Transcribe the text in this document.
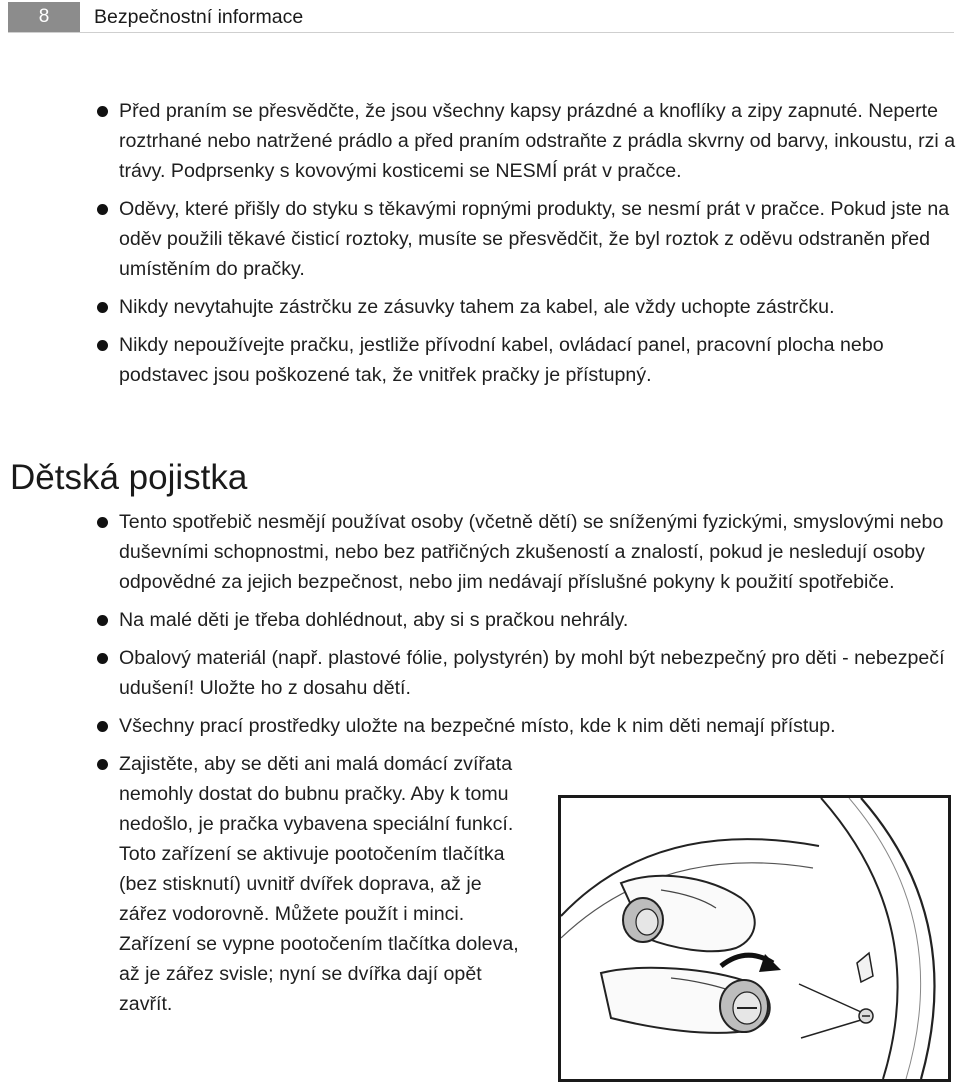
8	Bezpečnostní informace
Před praním se přesvědčte, že jsou všechny kapsy prázdné a knoflíky a zipy zapnuté. Neperte roztrhané nebo natržené prádlo a před praním odstraňte z prádla skvrny od barvy, inkoustu, rzi a trávy. Podprsenky s kovovými kosticemi se NESMÍ prát v pračce.
Oděvy, které přišly do styku s těkavými ropnými produkty, se nesmí prát v pračce. Pokud jste na oděv použili těkavé čisticí roztoky, musíte se přesvědčit, že byl roztok z oděvu odstraněn před umístěním do pračky.
Nikdy nevytahujte zástrčku ze zásuvky tahem za kabel, ale vždy uchopte zástrčku.
Nikdy nepoužívejte pračku, jestliže přívodní kabel, ovládací panel, pracovní plocha nebo podstavec jsou poškozené tak, že vnitřek pračky je přístupný.
Dětská pojistka
Tento spotřebič nesmějí používat osoby (včetně dětí) se sníženými fyzickými, smyslovými nebo duševními schopnostmi, nebo bez patřičných zkušeností a znalostí, pokud je nesledují osoby odpovědné za jejich bezpečnost, nebo jim nedávají příslušné pokyny k použití spotřebiče.
Na malé děti je třeba dohlédnout, aby si s pračkou nehrály.
Obalový materiál (např. plastové fólie, polystyrén) by mohl být nebezpečný pro děti - nebezpečí udušení! Uložte ho z dosahu dětí.
Všechny prací prostředky uložte na bezpečné místo, kde k nim děti nemají přístup.
Zajistěte, aby se děti ani malá domácí zvířata nemohly dostat do bubnu pračky. Aby k tomu nedošlo, je pračka vybavena speciální funkcí. Toto zařízení se aktivuje pootočením tlačítka (bez stisknutí) uvnitř dvířek doprava, až je zářez vodorovně. Můžete použít i minci. Zařízení se vypne pootočením tlačítka doleva, až je zářez svisle; nyní se dvířka dají opět zavřít.
